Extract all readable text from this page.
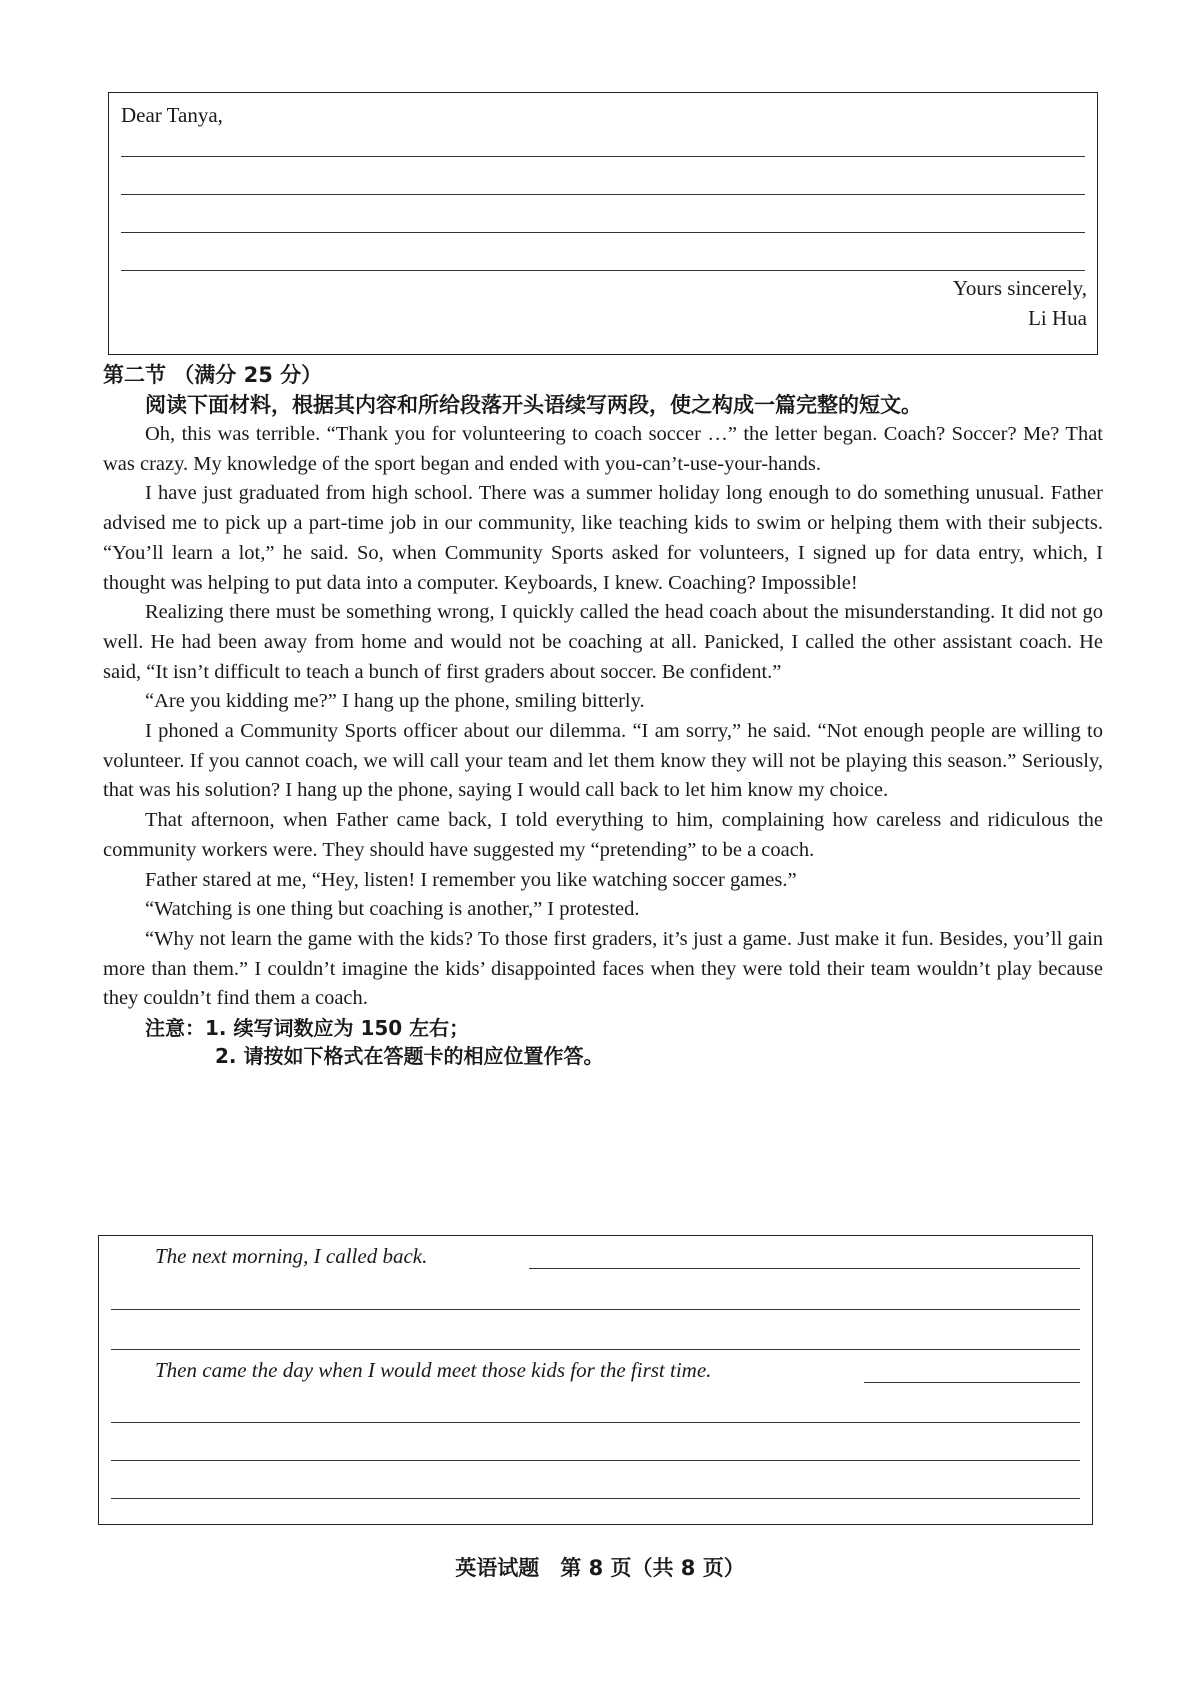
Dear Tanya,
Yours sincerely,
Li Hua

第二节 （满分 25 分）

阅读下面材料，根据其内容和所给段落开头语续写两段，使之构成一篇完整的短文。

Oh, this was terrible. “Thank you for volunteering to coach soccer …” the letter began. Coach? Soccer? Me? That was crazy. My knowledge of the sport began and ended with you-can’t-use-your-hands.

I have just graduated from high school. There was a summer holiday long enough to do something unusual. Father advised me to pick up a part-time job in our community, like teaching kids to swim or helping them with their subjects. “You’ll learn a lot,” he said. So, when Community Sports asked for volunteers, I signed up for data entry, which, I thought was helping to put data into a computer. Keyboards, I knew. Coaching? Impossible!

Realizing there must be something wrong, I quickly called the head coach about the misunderstanding. It did not go well. He had been away from home and would not be coaching at all. Panicked, I called the other assistant coach. He said, “It isn’t difficult to teach a bunch of first graders about soccer. Be confident.”

“Are you kidding me?” I hang up the phone, smiling bitterly.

I phoned a Community Sports officer about our dilemma. “I am sorry,” he said. “Not enough people are willing to volunteer. If you cannot coach, we will call your team and let them know they will not be playing this season.” Seriously, that was his solution? I hang up the phone, saying I would call back to let him know my choice.

That afternoon, when Father came back, I told everything to him, complaining how careless and ridiculous the community workers were. They should have suggested my “pretending” to be a coach.

Father stared at me, “Hey, listen! I remember you like watching soccer games.”

“Watching is one thing but coaching is another,” I protested.

“Why not learn the game with the kids? To those first graders, it’s just a game. Just make it fun. Besides, you’ll gain more than them.” I couldn’t imagine the kids’ disappointed faces when they were told their team wouldn’t play because they couldn’t find them a coach.

注意：1. 续写词数应为 150 左右；

2. 请按如下格式在答题卡的相应位置作答。

The next morning, I called back.
Then came the day when I would meet those kids for the first time.
英语试题　第 8 页（共 8 页）
